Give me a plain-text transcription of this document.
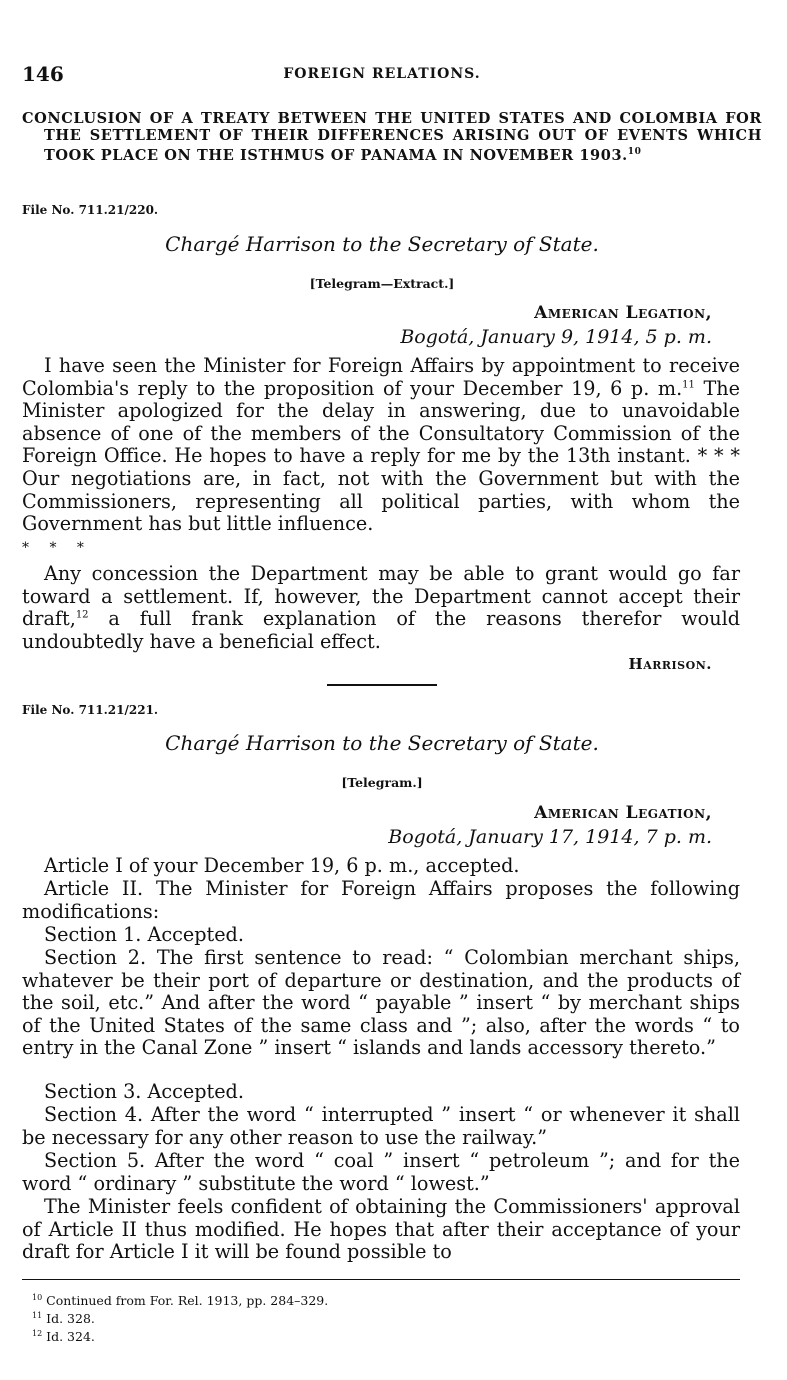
146	FOREIGN RELATIONS.

CONCLUSION OF A TREATY BETWEEN THE UNITED STATES AND COLOMBIA FOR THE SETTLEMENT OF THEIR DIFFERENCES ARISING OUT OF EVENTS WHICH TOOK PLACE ON THE ISTHMUS OF PANAMA IN NOVEMBER 1903.10

File No. 711.21/220.
Chargé Harrison to the Secretary of State.
[Telegram—Extract.]
American Legation,
Bogotá, January 9, 1914, 5 p. m.

I have seen the Minister for Foreign Affairs by appointment to receive Colombia's reply to the proposition of your December 19, 6 p. m.$^{11}$ The Minister apologized for the delay in answering, due to unavoidable absence of one of the members of the Consultatory Commission of the Foreign Office. He hopes to have a reply for me by the 13th instant. * * * Our negotiations are, in fact, not with the Government but with the Commissioners, representing all political parties, with whom the Government has but little influence.

* * *

Any concession the Department may be able to grant would go far toward a settlement. If, however, the Department cannot accept their draft,$^{12}$ a full frank explanation of the reasons therefor would undoubtedly have a beneficial effect.

Harrison.
File No. 711.21/221.
Chargé Harrison to the Secretary of State.
[Telegram.]
American Legation,
Bogotá, January 17, 1914, 7 p. m.

Article I of your December 19, 6 p. m., accepted.

Article II. The Minister for Foreign Affairs proposes the following modifications:

Section 1. Accepted.

Section 2. The first sentence to read: “ Colombian merchant ships, whatever be their port of departure or destination, and the products of the soil, etc.” And after the word “ payable ” insert “ by merchant ships of the United States of the same class and ”; also, after the words “ to entry in the Canal Zone ” insert “ islands and lands accessory thereto.”

Section 3. Accepted.

Section 4. After the word “ interrupted ” insert “ or whenever it shall be necessary for any other reason to use the railway.”

Section 5. After the word “ coal ” insert “ petroleum ”; and for the word “ ordinary ” substitute the word “ lowest.”

The Minister feels confident of obtaining the Commissioners' approval of Article II thus modified. He hopes that after their acceptance of your draft for Article I it will be found possible to

$^{10}$ Continued from For. Rel. 1913, pp. 284–329.
$^{11}$ Id. 328.
$^{12}$ Id. 324.
